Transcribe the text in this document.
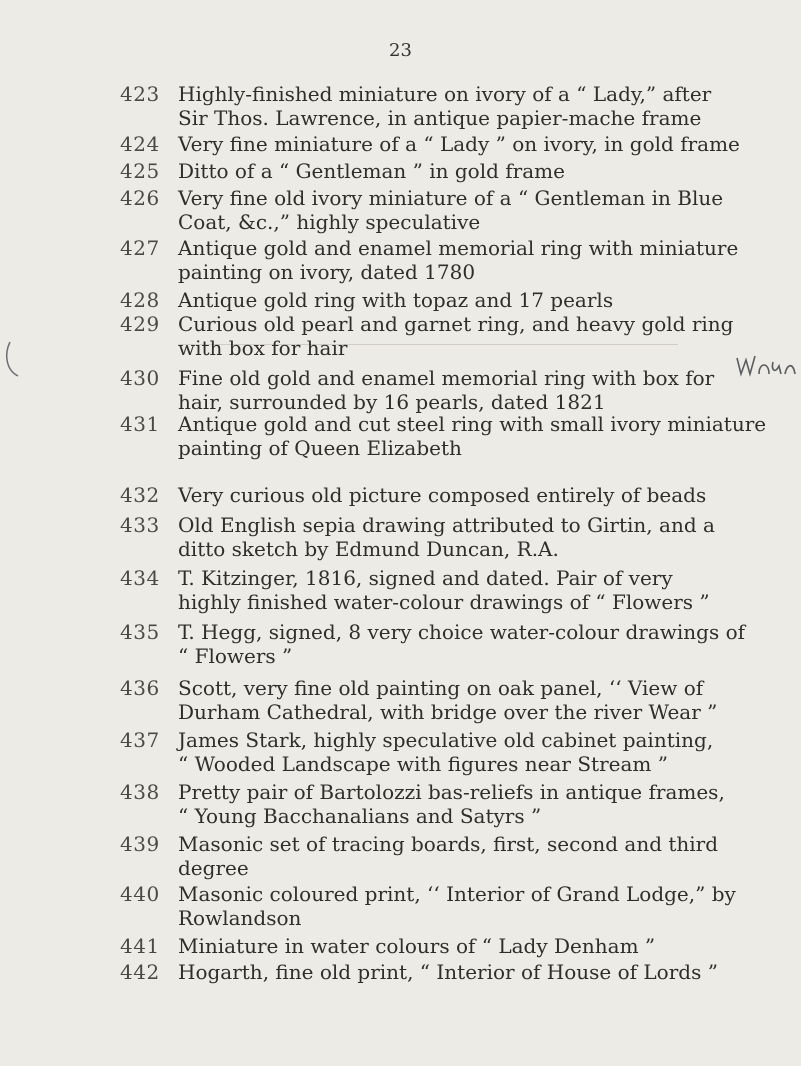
23
423 Highly-finished miniature on ivory of a “ Lady,” after
Sir Thos. Lawrence, in antique papier-mache frame
424 Very fine miniature of a “ Lady ” on ivory, in gold frame
425 Ditto of a “ Gentleman ” in gold frame
426 Very fine old ivory miniature of a “ Gentleman in Blue
Coat, &c.,” highly speculative
427 Antique gold and enamel memorial ring with miniature
painting on ivory, dated 1780
428 Antique gold ring with topaz and 17 pearls
429 Curious old pearl and garnet ring, and heavy gold ring
with box for hair
430 Fine old gold and enamel memorial ring with box for
hair, surrounded by 16 pearls, dated 1821
431 Antique gold and cut steel ring with small ivory miniature
painting of Queen Elizabeth
432 Very curious old picture composed entirely of beads
433 Old English sepia drawing attributed to Girtin, and a
ditto sketch by Edmund Duncan, R.A.
434 T. Kitzinger, 1816, signed and dated. Pair of very
highly finished water-colour drawings of “ Flowers ”
435 T. Hegg, signed, 8 very choice water-colour drawings of
“ Flowers ”
436 Scott, very fine old painting on oak panel, ‘‘ View of
Durham Cathedral, with bridge over the river Wear ”
437 James Stark, highly speculative old cabinet painting,
“ Wooded Landscape with figures near Stream ”
438 Pretty pair of Bartolozzi bas-reliefs in antique frames,
“ Young Bacchanalians and Satyrs ”
439 Masonic set of tracing boards, first, second and third
degree
440 Masonic coloured print, ‘‘ Interior of Grand Lodge,” by
Rowlandson
441 Miniature in water colours of “ Lady Denham ”
442 Hogarth, fine old print, “ Interior of House of Lords ”
